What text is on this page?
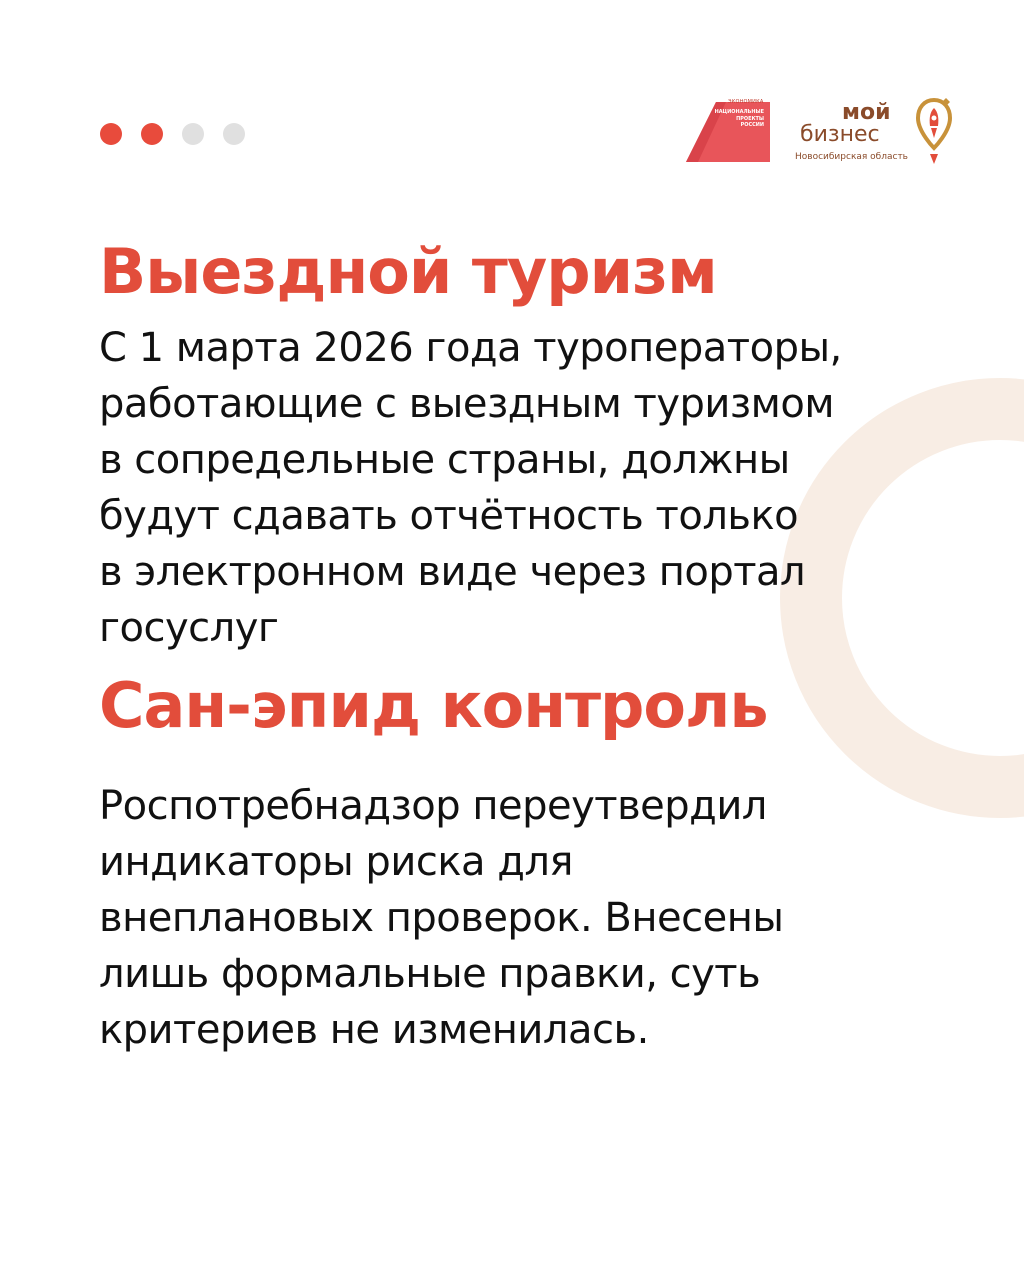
ЭКОНОМИКА
НАЦИОНАЛЬНЫЕ
ПРОЕКТЫ
РОССИИ	мой
бизнес
Новосибирская область
Выездной туризм

С 1 марта 2026 года туроператоры,
работающие с выездным туризмом
в сопредельные страны, должны
будут сдавать отчётность только
в электронном виде через портал
госуслуг

Сан-эпид контроль

Роспотребнадзор переутвердил
индикаторы риска для
внеплановых проверок. Внесены
лишь формальные правки, суть
критериев не изменилась.
